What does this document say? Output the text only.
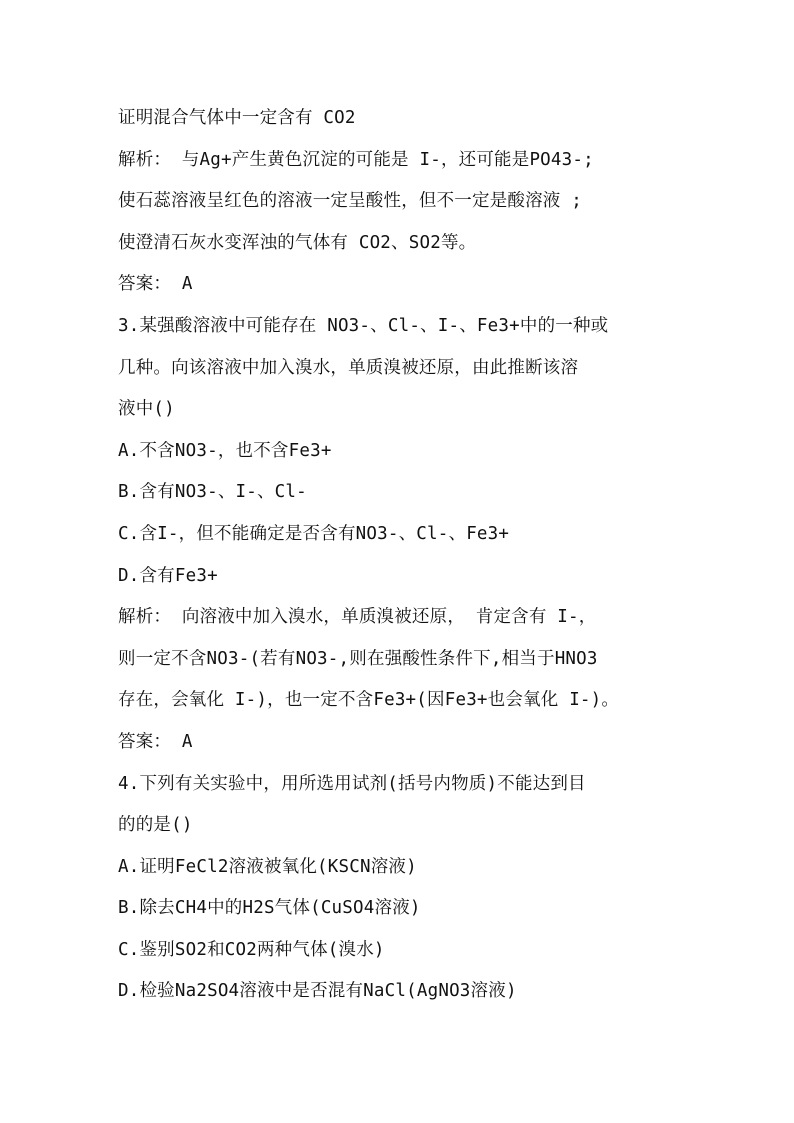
证明混合气体中一定含有 CO2
解析： 与Ag+产生黄色沉淀的可能是 I-，还可能是PO43-;
使石蕊溶液呈红色的溶液一定呈酸性，但不一定是酸溶液 ;
使澄清石灰水变浑浊的气体有 CO2、SO2等。
答案： A
3.某强酸溶液中可能存在 NO3-、Cl-、I-、Fe3+中的一种或
几种。向该溶液中加入溴水，单质溴被还原，由此推断该溶
液中()
A.不含NO3-，也不含Fe3+
B.含有NO3-、I-、Cl-
C.含I-，但不能确定是否含有NO3-、Cl-、Fe3+
D.含有Fe3+
解析： 向溶液中加入溴水，单质溴被还原， 肯定含有 I-，
则一定不含NO3-(若有NO3-,则在强酸性条件下,相当于HNO3
存在，会氧化 I-)，也一定不含Fe3+(因Fe3+也会氧化 I-)。
答案： A
4.下列有关实验中，用所选用试剂(括号内物质)不能达到目
的的是()
A.证明FeCl2溶液被氧化(KSCN溶液)
B.除去CH4中的H2S气体(CuSO4溶液)
C.鉴别SO2和CO2两种气体(溴水)
D.检验Na2SO4溶液中是否混有NaCl(AgNO3溶液)
